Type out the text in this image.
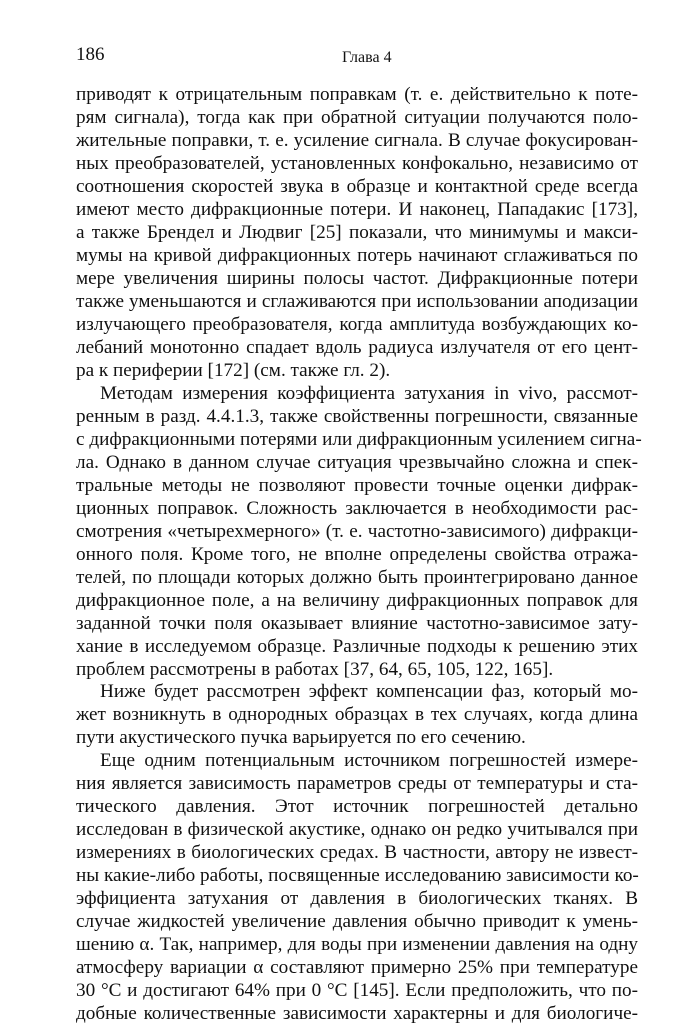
186	Глава 4
приводят к отрицательным поправкам (т. е. действительно к поте-
рям сигнала), тогда как при обратной ситуации получаются поло-
жительные поправки, т. е. усиление сигнала. В случае фокусирован-
ных преобразователей, установленных конфокально, независимо от
соотношения скоростей звука в образце и контактной среде всегда
имеют место дифракционные потери. И наконец, Пападакис [173],
а также Брендел и Людвиг [25] показали, что минимумы и макси-
мумы на кривой дифракционных потерь начинают сглаживаться по
мере увеличения ширины полосы частот. Дифракционные потери
также уменьшаются и сглаживаются при использовании аподизации
излучающего преобразователя, когда амплитуда возбуждающих ко-
лебаний монотонно спадает вдоль радиуса излучателя от его цент-
ра к периферии [172] (см. также гл. 2).
Методам измерения коэффициента затухания in vivo, рассмот-
ренным в разд. 4.4.1.3, также свойственны погрешности, связанные
с дифракционными потерями или дифракционным усилением сигна-
ла. Однако в данном случае ситуация чрезвычайно сложна и спек-
тральные методы не позволяют провести точные оценки дифрак-
ционных поправок. Сложность заключается в необходимости рас-
смотрения «четырехмерного» (т. е. частотно-зависимого) дифракци-
онного поля. Кроме того, не вполне определены свойства отража-
телей, по площади которых должно быть проинтегрировано данное
дифракционное поле, а на величину дифракционных поправок для
заданной точки поля оказывает влияние частотно-зависимое зату-
хание в исследуемом образце. Различные подходы к решению этих
проблем рассмотрены в работах [37, 64, 65, 105, 122, 165].
Ниже будет рассмотрен эффект компенсации фаз, который мо-
жет возникнуть в однородных образцах в тех случаях, когда длина
пути акустического пучка варьируется по его сечению.
Еще одним потенциальным источником погрешностей измере-
ния является зависимость параметров среды от температуры и ста-
тического давления. Этот источник погрешностей детально
исследован в физической акустике, однако он редко учитывался при
измерениях в биологических средах. В частности, автору не извест-
ны какие-либо работы, посвященные исследованию зависимости ко-
эффициента затухания от давления в биологических тканях. В
случае жидкостей увеличение давления обычно приводит к умень-
шению α. Так, например, для воды при изменении давления на одну
атмосферу вариации α составляют примерно 25% при температуре
30 °C и достигают 64% при 0 °C [145]. Если предположить, что по-
добные количественные зависимости характерны и для биологиче-
